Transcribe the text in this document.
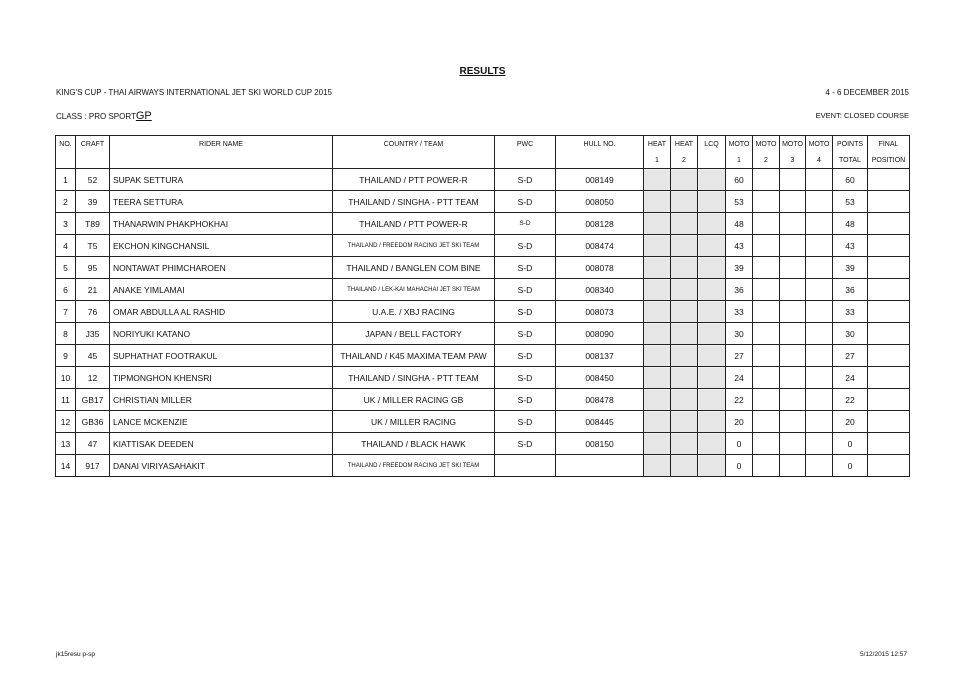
RESULTS
KING'S CUP - THAI AIRWAYS INTERNATIONAL JET SKI WORLD CUP 2015	4 - 6 DECEMBER 2015
CLASS : PRO SPORTGP	EVENT: CLOSED COURSE
NO.	CRAFT	RIDER NAME	COUNTRY / TEAM	PWC	HULL NO.	HEAT	HEAT	LCQ	MOTO	MOTO	MOTO	MOTO	POINTS	FINAL
						1	2		1	2	3	4	TOTAL	POSITION
1	52	SUPAK SETTURA	THAILAND / PTT POWER-R	S-D	008149				60				60	
2	39	TEERA SETTURA	THAILAND / SINGHA - PTT TEAM	S-D	008050				53				53	
3	T89	THANARWIN PHAKPHOKHAI	THAILAND / PTT POWER-R	S-D	008128				48				48	
4	T5	EKCHON KINGCHANSIL	THAILAND / FREEDOM RACING JET SKI TEAM	S-D	008474				43				43	
5	95	NONTAWAT PHIMCHAROEN	THAILAND / BANGLEN COM BINE	S-D	008078				39				39	
6	21	ANAKE YIMLAMAI	THAILAND / LEK-KAI MAHACHAI JET SKI TEAM	S-D	008340				36				36	
7	76	OMAR ABDULLA AL RASHID	U.A.E. / XBJ RACING	S-D	008073				33				33	
8	J35	NORIYUKI KATANO	JAPAN / BELL FACTORY	S-D	008090				30				30	
9	45	SUPHATHAT FOOTRAKUL	THAILAND / K45 MAXIMA TEAM PAW	S-D	008137				27				27	
10	12	TIPMONGHON KHENSRI	THAILAND / SINGHA - PTT TEAM	S-D	008450				24				24	
11	GB17	CHRISTIAN MILLER	UK / MILLER RACING GB	S-D	008478				22				22	
12	GB36	LANCE MCKENZIE	UK / MILLER RACING	S-D	008445				20				20	
13	47	KIATTISAK DEEDEN	THAILAND / BLACK HAWK	S-D	008150				0				0	
14	917	DANAI VIRIYASAHAKIT	THAILAND / FREEDOM RACING JET SKI TEAM						0				0	
jk15resu p-sp	5/12/2015 12:57
